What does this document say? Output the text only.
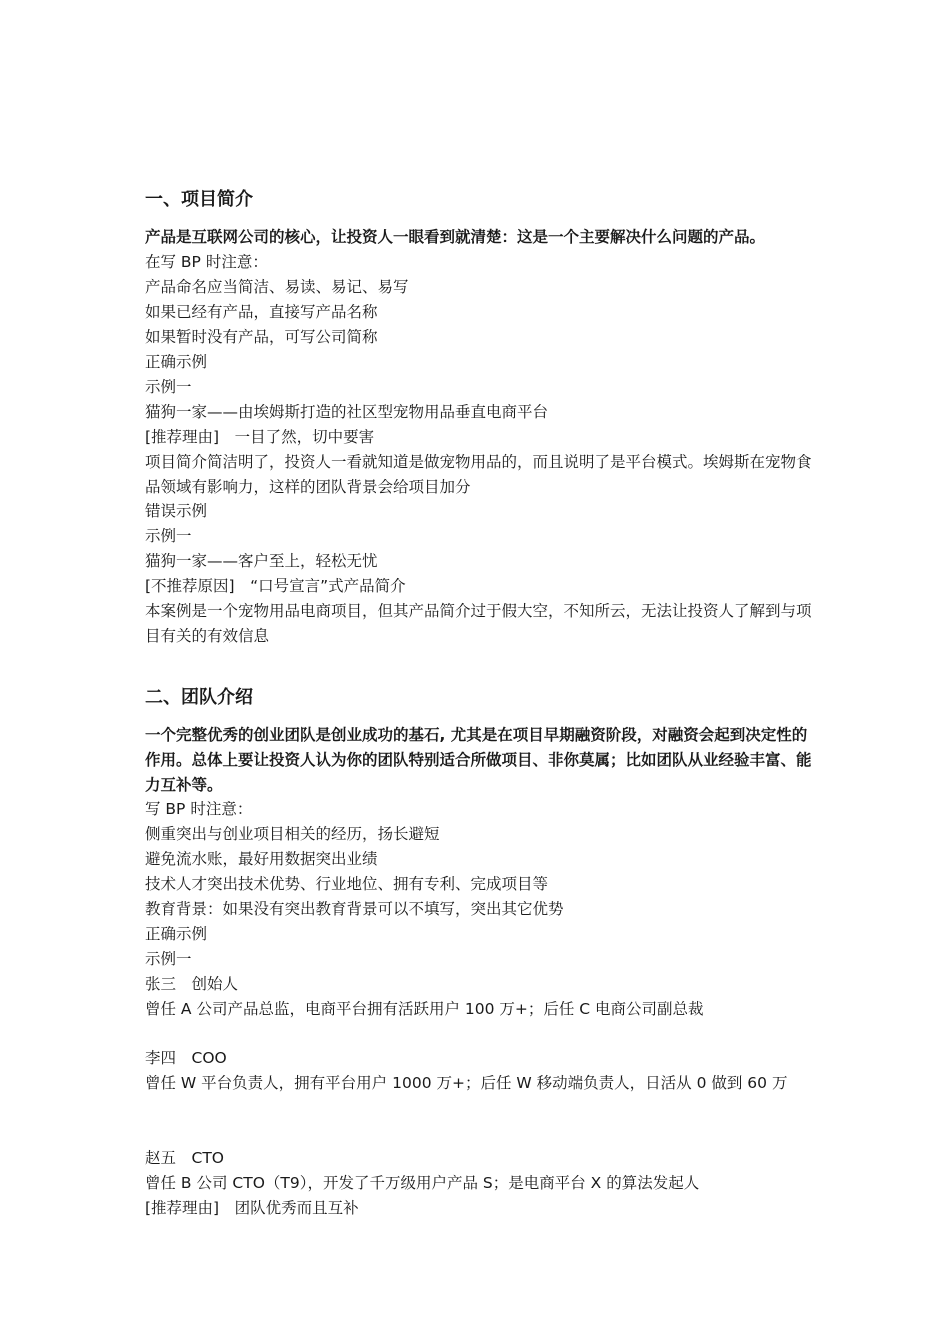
一、项目简介
产品是互联网公司的核心，让投资人一眼看到就清楚：这是一个主要解决什么问题的产品。
在写 BP 时注意：
产品命名应当简洁、易读、易记、易写
如果已经有产品，直接写产品名称
如果暂时没有产品，可写公司简称
正确示例
示例一
猫狗一家——由埃姆斯打造的社区型宠物用品垂直电商平台
[推荐理由]　一目了然，切中要害
项目简介简洁明了，投资人一看就知道是做宠物用品的，而且说明了是平台模式。埃姆斯在宠物食品领域有影响力，这样的团队背景会给项目加分
错误示例
示例一
猫狗一家——客户至上，轻松无忧
[不推荐原因]　“口号宣言”式产品简介
本案例是一个宠物用品电商项目，但其产品简介过于假大空，不知所云，无法让投资人了解到与项目有关的有效信息
二、团队介绍
一个完整优秀的创业团队是创业成功的基石, 尤其是在项目早期融资阶段，对融资会起到决定性的作用。总体上要让投资人认为你的团队特别适合所做项目、非你莫属；比如团队从业经验丰富、能力互补等。
写 BP 时注意：
侧重突出与创业项目相关的经历，扬长避短
避免流水账，最好用数据突出业绩
技术人才突出技术优势、行业地位、拥有专利、完成项目等
教育背景：如果没有突出教育背景可以不填写，突出其它优势
正确示例
示例一
张三　创始人
曾任 A 公司产品总监，电商平台拥有活跃用户 100 万+；后任 C 电商公司副总裁
李四　COO
曾任 W 平台负责人，拥有平台用户 1000 万+；后任 W 移动端负责人，日活从 0 做到 60 万
赵五　CTO
曾任 B 公司 CTO（T9），开发了千万级用户产品 S；是电商平台 X 的算法发起人
[推荐理由]　团队优秀而且互补
